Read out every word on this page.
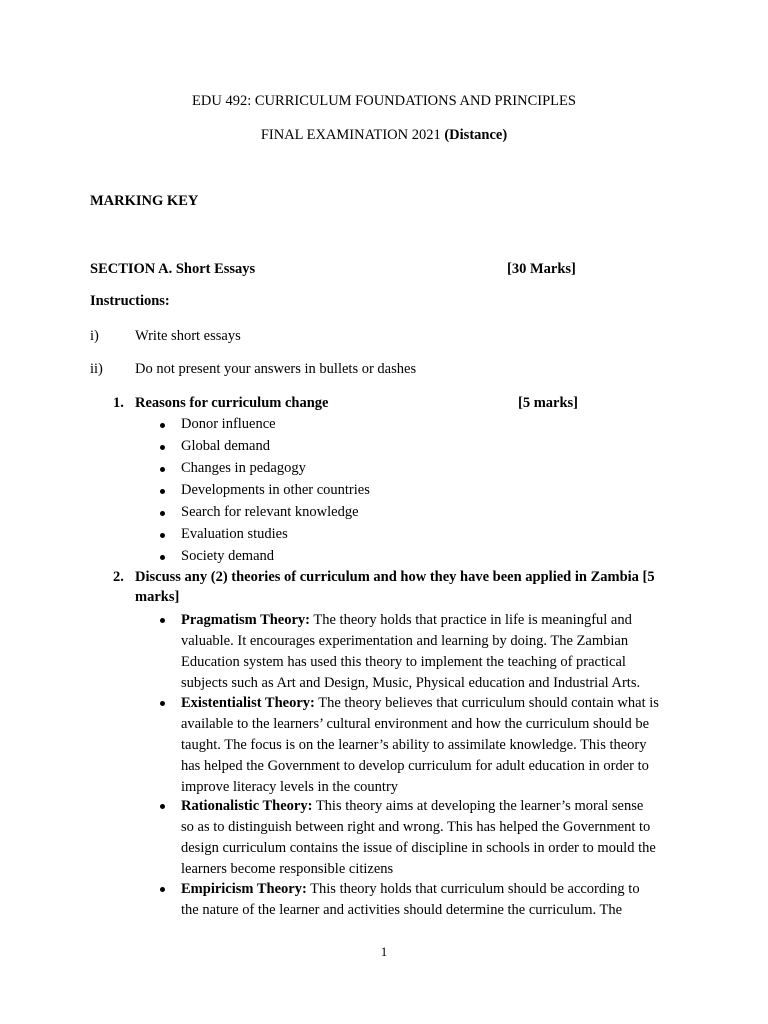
EDU 492: CURRICULUM FOUNDATIONS AND PRINCIPLES
FINAL EXAMINATION 2021 (Distance)
MARKING KEY
SECTION A. Short Essays	[30 Marks]
Instructions:
i) Write short essays
ii) Do not present your answers in bullets or dashes
1. Reasons for curriculum change	[5 marks]
Donor influence
Global demand
Changes in pedagogy
Developments in other countries
Search for relevant knowledge
Evaluation studies
Society demand
2. Discuss any (2) theories of curriculum and how they have been applied in Zambia [5
marks]
Pragmatism Theory: The theory holds that practice in life is meaningful and
valuable. It encourages experimentation and learning by doing. The Zambian
Education system has used this theory to implement the teaching of practical
subjects such as Art and Design, Music, Physical education and Industrial Arts.
Existentialist Theory: The theory believes that curriculum should contain what is
available to the learners’ cultural environment and how the curriculum should be
taught. The focus is on the learner’s ability to assimilate knowledge. This theory
has helped the Government to develop curriculum for adult education in order to
improve literacy levels in the country
Rationalistic Theory: This theory aims at developing the learner’s moral sense
so as to distinguish between right and wrong. This has helped the Government to
design curriculum contains the issue of discipline in schools in order to mould the
learners become responsible citizens
Empiricism Theory: This theory holds that curriculum should be according to
the nature of the learner and activities should determine the curriculum. The
1
